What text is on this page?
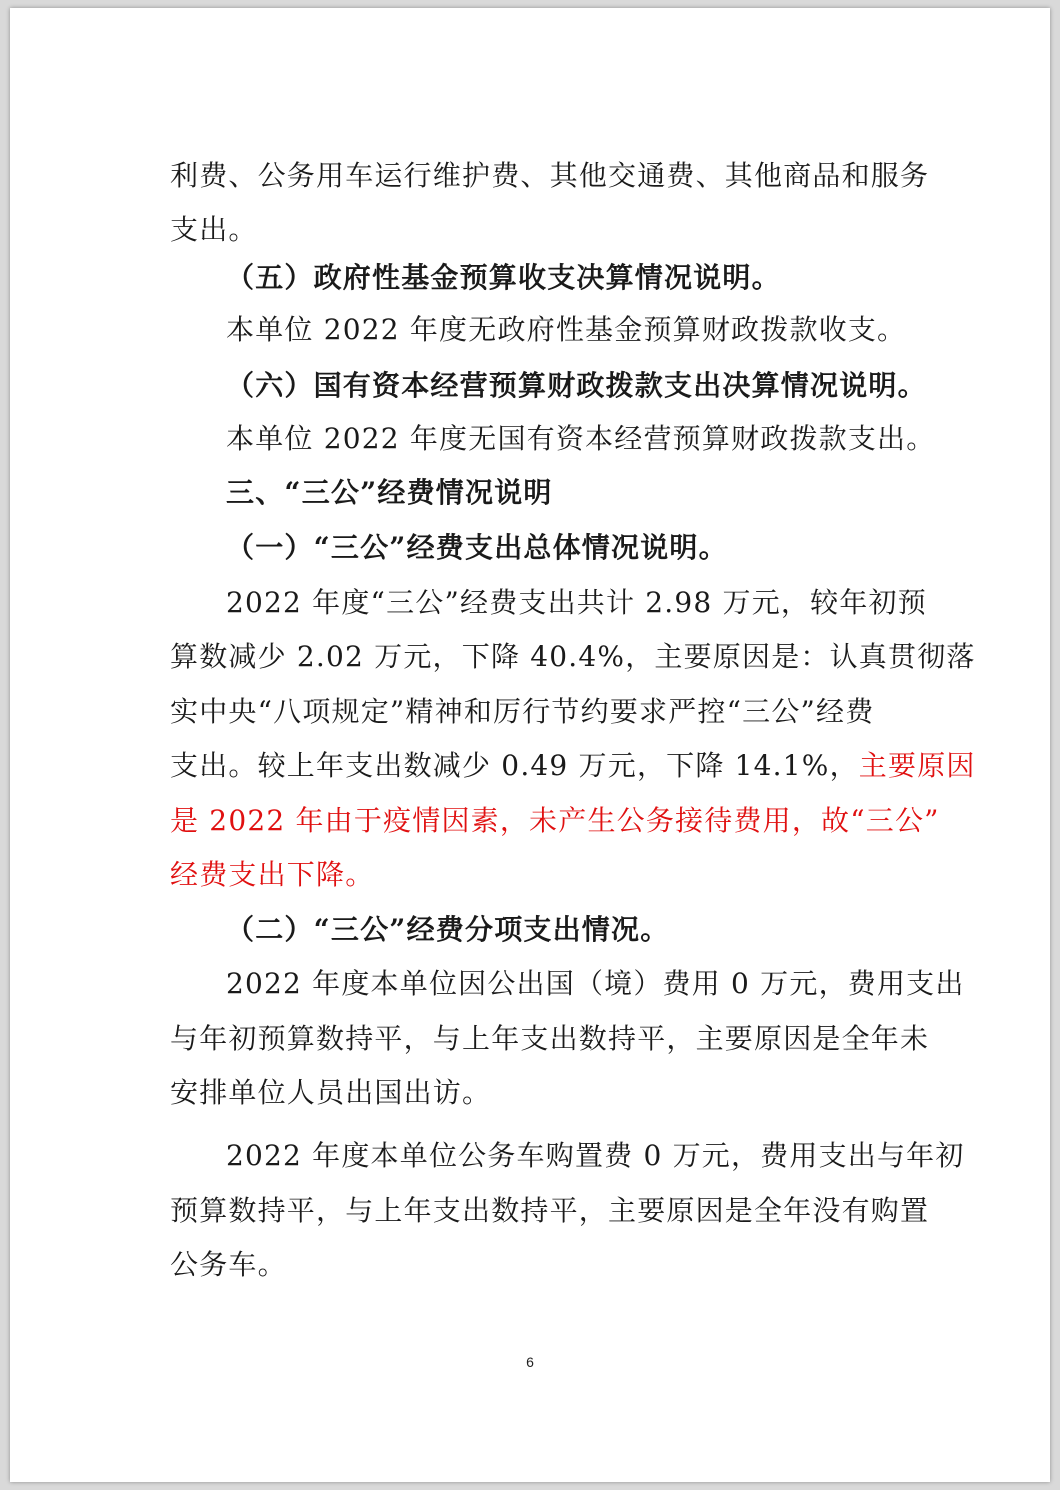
利费、公务用车运行维护费、其他交通费、其他商品和服务
支出。
（五）政府性基金预算收支决算情况说明。
本单位 2022 年度无政府性基金预算财政拨款收支。
（六）国有资本经营预算财政拨款支出决算情况说明。
本单位 2022 年度无国有资本经营预算财政拨款支出。
三、“三公”经费情况说明
（一）“三公”经费支出总体情况说明。
2022 年度“三公”经费支出共计 2.98 万元，较年初预
算数减少 2.02 万元，下降 40.4%，主要原因是：认真贯彻落
实中央“八项规定”精神和厉行节约要求严控“三公”经费
支出。较上年支出数减少 0.49 万元，下降 14.1%，主要原因
是 2022 年由于疫情因素，未产生公务接待费用，故“三公”
经费支出下降。
（二）“三公”经费分项支出情况。
2022 年度本单位因公出国（境）费用 0 万元，费用支出
与年初预算数持平，与上年支出数持平，主要原因是全年未
安排单位人员出国出访。
2022 年度本单位公务车购置费 0 万元，费用支出与年初
预算数持平，与上年支出数持平，主要原因是全年没有购置
公务车。
6
